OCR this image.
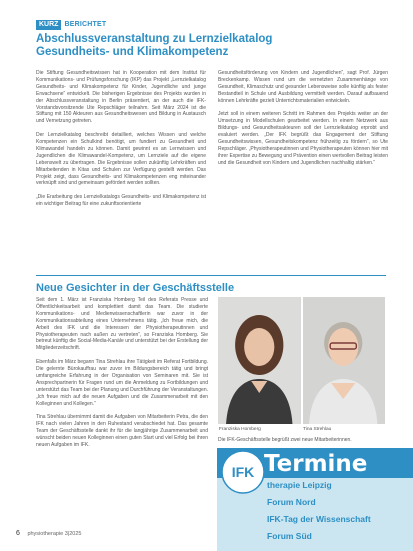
KURZ BERICHTET
Abschlussveranstaltung zu Lernzielkatalog
Gesundheits- und Klimakompetenz

Die Stiftung Gesundheitswissen hat in Kooperation mit dem Institut für Kommunikations- und Prüfungsforschung (IKP) das Projekt „Lernzielkatalog Gesundheits- und Klimakompetenz für Kinder, Jugendliche und junge Erwachsene“ entwickelt. Die bisherigen Ergebnisse des Projekts wurden in der Abschlussveranstaltung in Berlin präsentiert, an der auch die IFK-Vorstandsvorsitzende Ute Repschläger teilnahm. Seit März 2024 ist die Stiftung mit 150 Akteuren aus Gesundheitswesen und Bildung in Austausch und Vernetzung getreten.

Der Lernzielkatalog beschreibt detailliert, welches Wissen und welche Kompetenzen ein Schulkind benötigt, um fundiert zu Gesundheit und Klimawandel handeln zu können. Damit gewinnt es an Lernwissen und Jugendlichen die Klimawandel-Kompetenz, um Lernziele auf die eigene Lebenswelt zu übertragen. Die Ergebnisse sollen zukünftig Lehrkräften und Mitarbeitenden in Kitas und Schulen zur Verfügung gestellt werden. Das Projekt zeigt, dass Gesundheits- und Klimakompetenzen eng miteinander verknüpft sind und gemeinsam gefördert werden sollten.

„Die Erarbeitung des Lernzielkatalogs Gesundheits- und Klimakompetenz ist ein wichtiger Beitrag für eine zukunftsorientierte

Gesundheitsförderung von Kindern und Jugendlichen“, sagt Prof. Jürgen Breckenkamp. Wissen rund um die vernetzten Zusammenhänge von Gesundheit, Klimaschutz und gesunder Lebensweise solle künftig als fester Bestandteil in Schule und Ausbildung vermittelt werden. Darauf aufbauend können Lehrkräfte gezielt Unterrichtsmaterialien entwickeln.

Jetzt soll in einem weiteren Schritt im Rahmen des Projekts weiter an der Umsetzung in Modellschulen gearbeitet werden. In einem Netzwerk aus Bildungs- und Gesundheitsakteuren soll der Lernzielkatalog erprobt und evaluiert werden. „Der IFK begrüßt das Engagement der Stiftung Gesundheitswissen, Gesundheitskompetenz frühzeitig zu fördern“, so Ute Repschläger. „Physiotherapeutinnen und Physiotherapeuten können hier mit ihrer Expertise zu Bewegung und Prävention einen wertvollen Beitrag leisten und die Gesundheit von Kindern und Jugendlichen nachhaltig stärken.“

Neue Gesichter in der Geschäftsstelle

Seit dem 1. März ist Franziska Homberg Teil des Referats Presse und Öffentlichkeitsarbeit und komplettiert damit das Team. Die studierte Kommunikations- und Medienwissenschaftlerin war zuvor in der Kommunikationsabteilung eines Unternehmens tätig. „Ich freue mich, die Arbeit des IFK und die Interessen der Physiotherapeutinnen und Physiotherapeuten nach außen zu vertreten“, so Franziska Homberg. Sie betreut künftig die Social-Media-Kanäle und unterstützt bei der Erstellung der Mitgliederzeitschrift.

Ebenfalls im März begann Tina Strehlau ihre Tätigkeit im Referat Fortbildung. Die gelernte Bürokauffrau war zuvor im Bildungsbereich tätig und bringt umfangreiche Erfahrung in der Organisation von Seminaren mit. Sie ist Ansprechpartnerin für Fragen rund um die Anmeldung zu Fortbildungen und unterstützt das Team bei der Planung und Durchführung der Veranstaltungen. „Ich freue mich auf die neuen Aufgaben und die Zusammenarbeit mit den Kolleginnen und Kollegen.“

Tina Strehlau übernimmt damit die Aufgaben von Mitarbeiterin Petra, die den IFK nach vielen Jahren in den Ruhestand verabschiedet hat. Das gesamte Team der Geschäftsstelle dankt ihr für die langjährige Zusammenarbeit und wünscht beiden neuen Kolleginnen einen guten Start und viel Erfolg bei ihren neuen Aufgaben im IFK.

Franziska Homberg	Tina Strehlau
Die IFK-Geschäftsstelle begrüßt zwei neue Mitarbeiterinnen.
IFK Termine
therapie Leipzig
Forum Nord
IFK-Tag der Wissenschaft
Forum Süd
6 physiotherapie 3|2025
